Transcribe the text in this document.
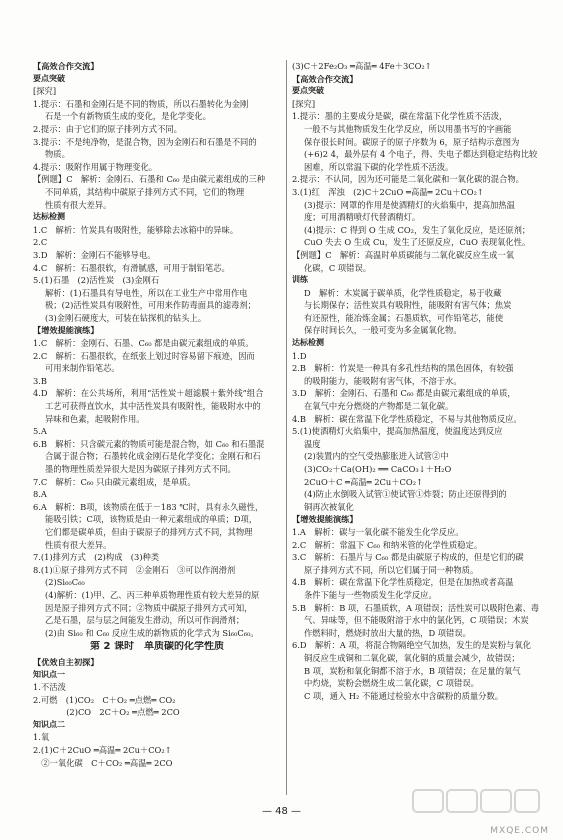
【高效合作交流】
要点突破
[探究]
1.提示：石墨和金刚石是不同的物质，所以石墨转化为金刚
石是一个有新物质生成的变化，是化学变化。
2.提示：由于它们的原子排列方式不同。
3.提示：不是纯净物，是混合物，因为金刚石和石墨是不同的
物质。
4.提示：吸附作用属于物理变化。
【例题】C　解析：金刚石、石墨和 C₆₀ 是由碳元素组成的三种
不同单质，其结构中碳原子排列方式不同，它们的物理
性质有很大差异。
达标检测
1.C　解析：竹炭具有吸附性，能够除去冰箱中的异味。
2.C
3.D　解析：金刚石不能够导电。
4.C　解析：石墨很软，有滑腻感，可用于制铅笔芯。
5.(1)石墨　(2)活性炭　(3)金刚石
解析：(1)石墨具有导电性，所以在工业生产中常用作电
极；(2)活性炭具有吸附性，可用来作防毒面具的滤毒剂；
(3)金刚石硬度大，可装在钻探机的钻头上。
【增效提能演练】
1.C　解析：金刚石、石墨、C₆₀ 都是由碳元素组成的单质。
2.C　解析：石墨很软，在纸张上划过时容易留下痕迹，因而
可用来制作铅笔芯。
3.B
4.D　解析：在公共场所，利用“活性炭＋超滤膜＋紫外线”组合
工艺可获得直饮水，其中活性炭具有吸附性，能吸附水中的
异味和色素，起吸附作用。
5.A
6.B　解析：只含碳元素的物质可能是混合物，如 C₆₀ 和石墨混
合属于混合物；石墨转化成金刚石是化学变化；金刚石和石
墨的物理性质差异很大是因为碳原子排列方式不同。
7.C　解析：C₆₀ 只由碳元素组成，是单质。
8.A
6.A　解析：B项，该物质在低于－183 ℃时，具有永久磁性，
能吸引铁；C项，该物质是由一种元素组成的单质；D项，
它们都是碳单质，但由于碳原子的排列方式不同，其物理
性质有很大差异。
7.(1)排列方式　(2)构成　(3)种类
8.(1)①原子排列方式不同　②金刚石　③可以作润滑剂
(2)Si₆₀C₆₀
(4)解析：(1)甲、乙、丙三种单质物理性质有较大差异的原
因是原子排列方式不同；②物质中碳原子排列方式可知，
乙是石墨，层与层之间能发生滑动，所以可作润滑剂；
(2)由 Si₆₀ 和 C₆₀ 反应生成的新物质的化学式为 Si₆₀C₆₀。
第 2 课时　单质碳的化学性质
【优效自主初探】
知识点一
1.不活泼
2.可燃　(1)CO₂　C＋O₂ ═点燃═ CO₂
　　　　(2)CO　2C＋O₂ ═点燃═ 2CO
知识点二
1.氧
2.(1)C＋2CuO ═高温═ 2Cu＋CO₂↑
　②一氧化碳　C＋CO₂ ═高温═ 2CO
(3)C＋2Fe₂O₃ ═高温═ 4Fe＋3CO₂↑
【高效合作交流】
要点突破
[探究]
1.提示：墨的主要成分是碳，碳在常温下化学性质不活泼，
一般不与其他物质发生化学反应，所以用墨书写的字画能
保存很长时间。碳原子的原子序数为 6，原子结构示意图为
(+6)2 4，最外层有 4 个电子，得、失电子都达到稳定结构比较
困难，所以常温下碳的化学性质不活泼。
2.提示：不认同，因为还可能是二氧化碳和一氧化碳的混合物。
3.(1)红　浑浊　(2)C＋2CuO ═高温═ 2Cu＋CO₂↑
(3)提示：网罩的作用是使酒精灯的火焰集中，提高加热温
度；可用酒精喷灯代替酒精灯。
(4)提示：C 得到 O 生成 CO₂，发生了氧化反应，是还原剂；
CuO 失去 O 生成 Cu，发生了还原反应，CuO 表现氧化性。
【例题】C　解析：高温时单质碳能与二氧化碳反应生成一氧
化碳，C 项错误。
训练
D　解析：木炭属于碳单质，化学性质稳定，易于收藏
与长期保存；活性炭具有吸附性，能吸附有害气体；焦炭
有还原性，能冶炼金属；石墨质软，可作铅笔芯，能使
保存时间长久，一般可变为多金属氧化物。
达标检测
1.D
2.B　解析：竹炭是一种具有多孔性结构的黑色固体，有较强
的吸附能力，能吸附有害气体，不溶于水。
3.D　解析：金刚石、石墨和 C₆₀ 都是由碳元素组成的单质，
在氧气中充分燃烧的产物都是二氧化碳。
4.B　解析：碳在常温下化学性质稳定，不易与其他物质反应。
5.(1)使酒精灯火焰集中，提高加热温度，使温度达到反应
温度
(2)装置内的空气受热膨胀进入试管②中
(3)CO₂＋Ca(OH)₂ ══ CaCO₃↓＋H₂O
2CuO＋C ═高温═ 2Cu＋CO₂↑
(4)防止水倒吸入试管①使试管①炸裂；防止还原得到的
铜再次被氧化
【增效提能演练】
1.A　解析：碳与一氧化碳不能发生化学反应。
2.C　解析：常温下 C₆₀ 和纳米管的化学性质稳定。
3.C　解析：石墨片与 C₆₀ 都是由碳原子构成的，但是它们的碳
原子排列方式不同，所以它们属于同一种物质。
4.B　解析：碳在常温下化学性质稳定，但是在加热或者高温
条件下能与一些物质发生化学反应。
5.B　解析：B 项，石墨质软，A 项错误；活性炭可以吸附色素、毒
气、异味等，但不能吸附溶于水中的氯化钙，C 项错误；木炭
作燃料时，燃烧时放出大量的热，D 项错误。
6.D　解析：A 项，将混合物隔绝空气加热，发生的是炭粉与氧化
铜反应生成铜和二氧化碳，氧化铜的质量会减少，故错误；
B 项，炭粉和氧化铜都不溶于水，B 项错误；在足量的氧气
中灼烧，炭粉会燃烧生成二氧化碳，C 项错误。
C 项，通入 H₂ 不能通过检验水中含碳粉的质量分数。
— 48 —
MXQE.COM
